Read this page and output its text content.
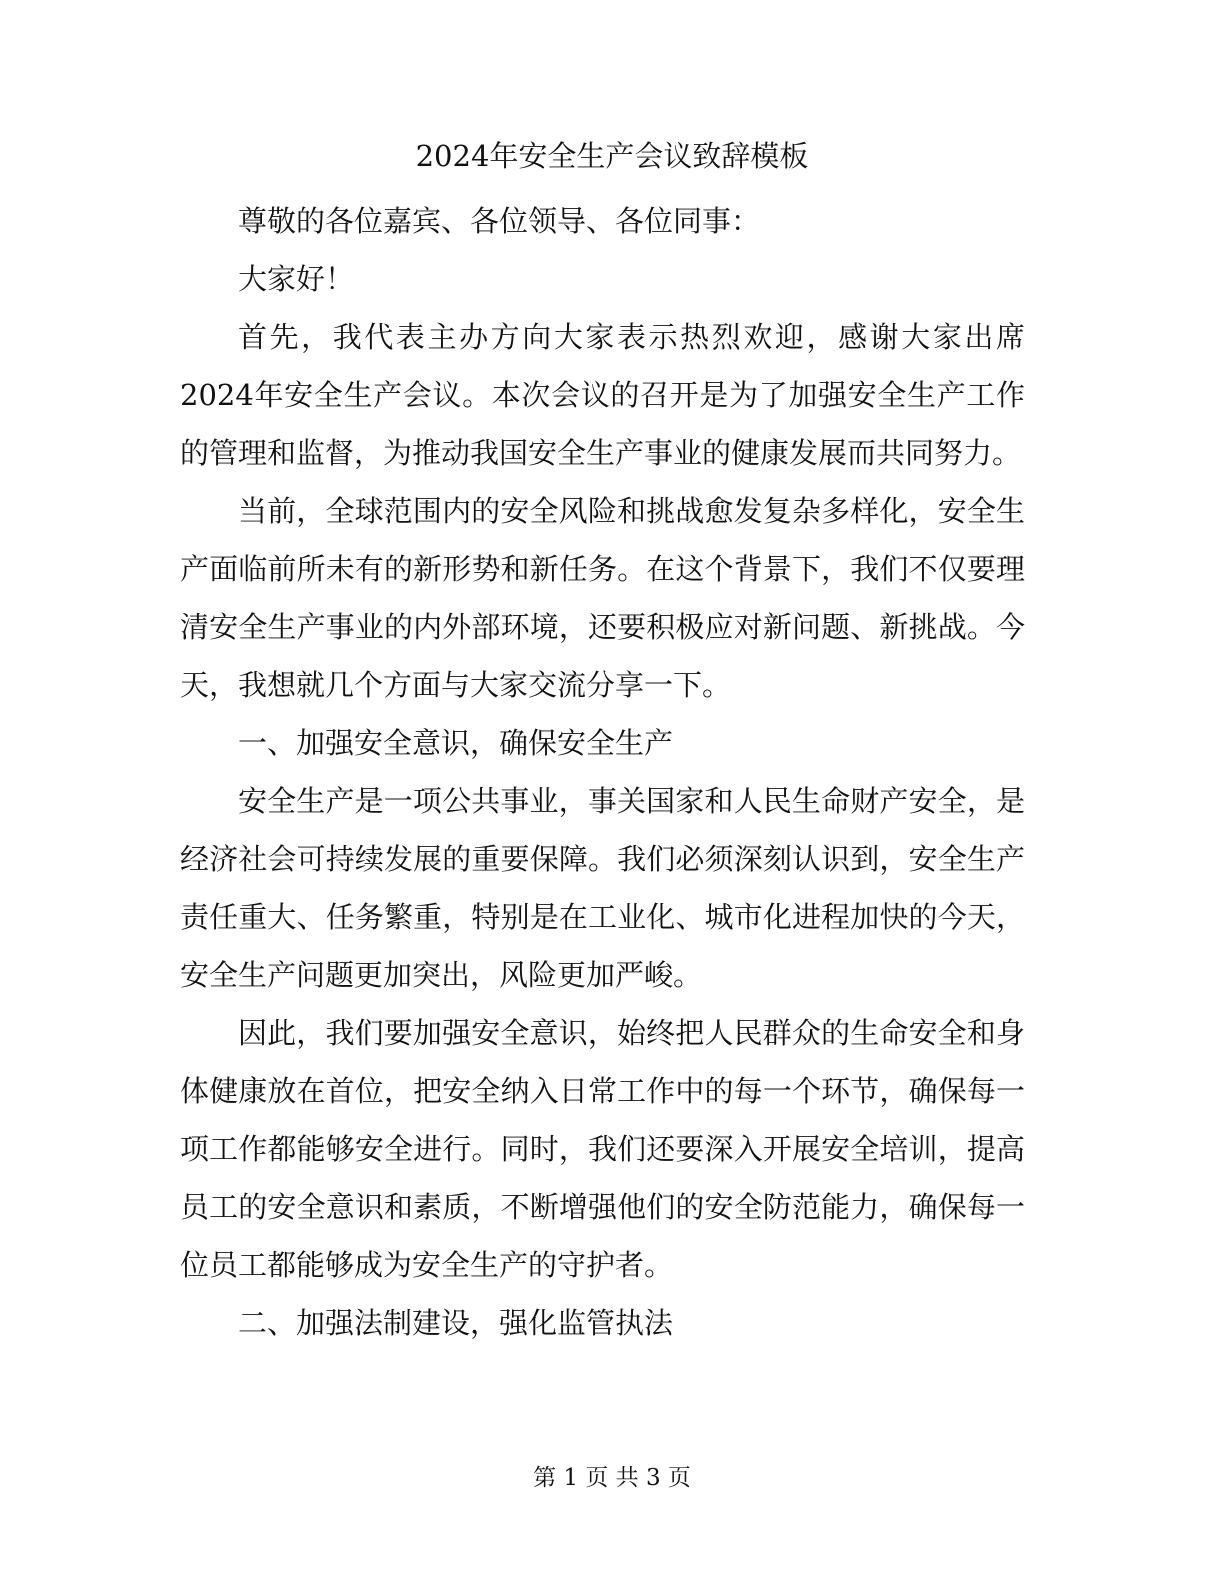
2024年安全生产会议致辞模板

尊敬的各位嘉宾、各位领导、各位同事：

大家好！

首先，我代表主办方向大家表示热烈欢迎，感谢大家出席2024年安全生产会议。本次会议的召开是为了加强安全生产工作的管理和监督，为推动我国安全生产事业的健康发展而共同努力。

当前，全球范围内的安全风险和挑战愈发复杂多样化，安全生产面临前所未有的新形势和新任务。在这个背景下，我们不仅要理清安全生产事业的内外部环境，还要积极应对新问题、新挑战。今天，我想就几个方面与大家交流分享一下。

一、加强安全意识，确保安全生产

安全生产是一项公共事业，事关国家和人民生命财产安全，是经济社会可持续发展的重要保障。我们必须深刻认识到，安全生产责任重大、任务繁重，特别是在工业化、城市化进程加快的今天，安全生产问题更加突出，风险更加严峻。

因此，我们要加强安全意识，始终把人民群众的生命安全和身体健康放在首位，把安全纳入日常工作中的每一个环节，确保每一项工作都能够安全进行。同时，我们还要深入开展安全培训，提高员工的安全意识和素质，不断增强他们的安全防范能力，确保每一位员工都能够成为安全生产的守护者。

二、加强法制建设，强化监管执法

第 1 页 共 3 页
